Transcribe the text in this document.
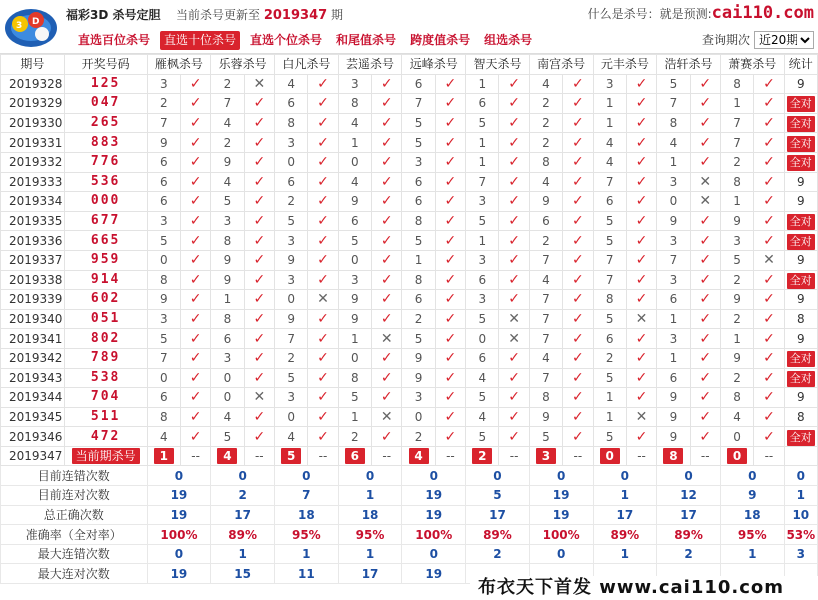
3 D 福彩3D 杀号定胆 当前杀号更新至 2019347 期	什么是杀号：就是预测:cai110.com
直选百位杀号 直选十位杀号 直选个位杀号 和尾值杀号 跨度值杀号 组选杀号	查询期次
近20期
期号	开奖号码	雁枫杀号		乐蓉杀号		白凡杀号		芸遥杀号		远峰杀号		智天杀号		南宫杀号		元丰杀号		浩轩杀号		萧赛杀号		统计
2019328	125	3	✓	2	✕	4	✓	3	✓	6	✓	1	✓	4	✓	3	✓	5	✓	8	✓	9
2019329	047	2	✓	7	✓	6	✓	8	✓	7	✓	6	✓	2	✓	1	✓	7	✓	1	✓	全对
2019330	265	7	✓	4	✓	8	✓	4	✓	5	✓	5	✓	2	✓	1	✓	8	✓	7	✓	全对
2019331	883	9	✓	2	✓	3	✓	1	✓	5	✓	1	✓	2	✓	4	✓	4	✓	7	✓	全对
2019332	776	6	✓	9	✓	0	✓	0	✓	3	✓	1	✓	8	✓	4	✓	1	✓	2	✓	全对
2019333	536	6	✓	4	✓	6	✓	4	✓	6	✓	7	✓	4	✓	7	✓	3	✕	8	✓	9
2019334	000	6	✓	5	✓	2	✓	9	✓	6	✓	3	✓	9	✓	6	✓	0	✕	1	✓	9
2019335	677	3	✓	3	✓	5	✓	6	✓	8	✓	5	✓	6	✓	5	✓	9	✓	9	✓	全对
2019336	665	5	✓	8	✓	3	✓	5	✓	5	✓	1	✓	2	✓	5	✓	3	✓	3	✓	全对
2019337	959	0	✓	9	✓	9	✓	0	✓	1	✓	3	✓	7	✓	7	✓	7	✓	5	✕	9
2019338	914	8	✓	9	✓	3	✓	3	✓	8	✓	6	✓	4	✓	7	✓	3	✓	2	✓	全对
2019339	602	9	✓	1	✓	0	✕	9	✓	6	✓	3	✓	7	✓	8	✓	6	✓	9	✓	9
2019340	051	3	✓	8	✓	9	✓	9	✓	2	✓	5	✕	7	✓	5	✕	1	✓	2	✓	8
2019341	802	5	✓	6	✓	7	✓	1	✕	5	✓	0	✕	7	✓	6	✓	3	✓	1	✓	9
2019342	789	7	✓	3	✓	2	✓	0	✓	9	✓	6	✓	4	✓	2	✓	1	✓	9	✓	全对
2019343	538	0	✓	0	✓	5	✓	8	✓	9	✓	4	✓	7	✓	5	✓	6	✓	2	✓	全对
2019344	704	6	✓	0	✕	3	✓	5	✓	3	✓	5	✓	8	✓	1	✓	9	✓	8	✓	9
2019345	511	8	✓	4	✓	0	✓	1	✕	0	✓	4	✓	9	✓	1	✕	9	✓	4	✓	8
2019346	472	4	✓	5	✓	4	✓	2	✓	2	✓	5	✓	5	✓	5	✓	9	✓	0	✓	全对
2019347	当前期杀号	1	--	4	--	5	--	6	--	4	--	2	--	3	--	0	--	8	--	0	--	
目前连错次数		0		0		0		0		0		0		0		0		0		0		0
目前连对次数		19		2		7		1		19		5		19		1		12		9		1
总正确次数		19		17		18		18		19		17		19		17		17		18		10
准确率（全对率）		100%		89%		95%		95%		100%		89%		100%		89%		89%		95%		53%
最大连错次数		0		1		1		1		0		2		0		1		2		1		3
最大连对次数		19		15		11		17		19												
布衣天下首发 www.cai110.com
